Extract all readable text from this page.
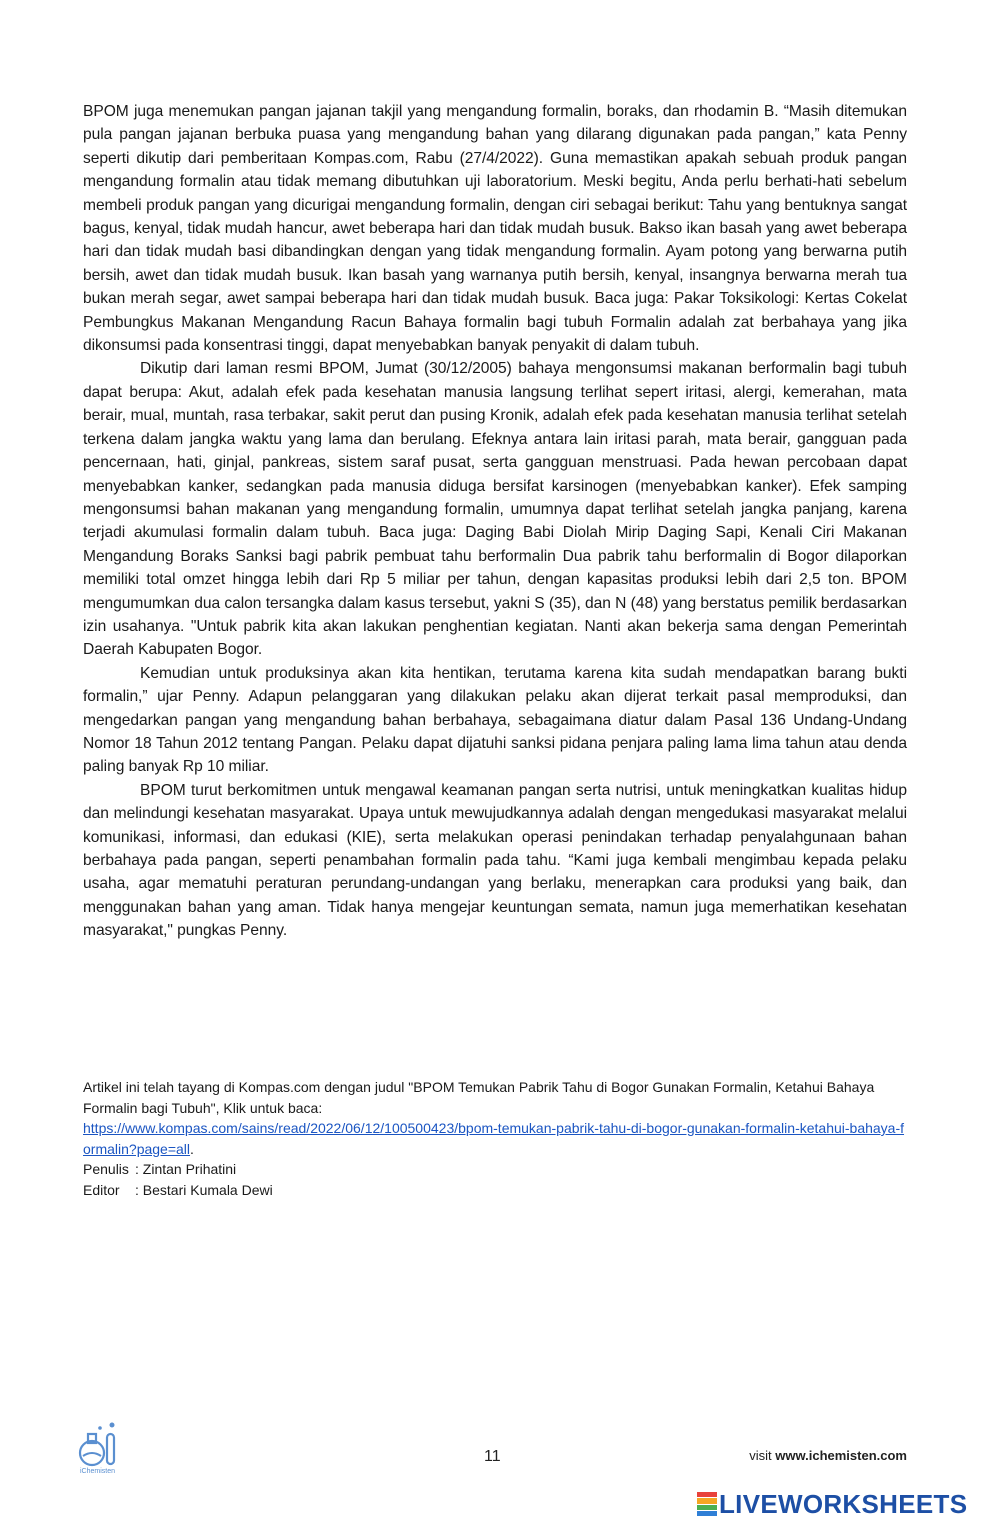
BPOM juga menemukan pangan jajanan takjil yang mengandung formalin, boraks, dan rhodamin B. “Masih ditemukan pula pangan jajanan berbuka puasa yang mengandung bahan yang dilarang digunakan pada pangan,” kata Penny seperti dikutip dari pemberitaan Kompas.com, Rabu (27/4/2022). Guna memastikan apakah sebuah produk pangan mengandung formalin atau tidak memang dibutuhkan uji laboratorium. Meski begitu, Anda perlu berhati-hati sebelum membeli produk pangan yang dicurigai mengandung formalin, dengan ciri sebagai berikut: Tahu yang bentuknya sangat bagus, kenyal, tidak mudah hancur, awet beberapa hari dan tidak mudah busuk. Bakso ikan basah yang awet beberapa hari dan tidak mudah basi dibandingkan dengan yang tidak mengandung formalin. Ayam potong yang berwarna putih bersih, awet dan tidak mudah busuk. Ikan basah yang warnanya putih bersih, kenyal, insangnya berwarna merah tua bukan merah segar, awet sampai beberapa hari dan tidak mudah busuk. Baca juga: Pakar Toksikologi: Kertas Cokelat Pembungkus Makanan Mengandung Racun Bahaya formalin bagi tubuh Formalin adalah zat berbahaya yang jika dikonsumsi pada konsentrasi tinggi, dapat menyebabkan banyak penyakit di dalam tubuh.

Dikutip dari laman resmi BPOM, Jumat (30/12/2005) bahaya mengonsumsi makanan berformalin bagi tubuh dapat berupa: Akut, adalah efek pada kesehatan manusia langsung terlihat sepert iritasi, alergi, kemerahan, mata berair, mual, muntah, rasa terbakar, sakit perut dan pusing Kronik, adalah efek pada kesehatan manusia terlihat setelah terkena dalam jangka waktu yang lama dan berulang. Efeknya antara lain iritasi parah, mata berair, gangguan pada pencernaan, hati, ginjal, pankreas, sistem saraf pusat, serta gangguan menstruasi. Pada hewan percobaan dapat menyebabkan kanker, sedangkan pada manusia diduga bersifat karsinogen (menyebabkan kanker). Efek samping mengonsumsi bahan makanan yang mengandung formalin, umumnya dapat terlihat setelah jangka panjang, karena terjadi akumulasi formalin dalam tubuh. Baca juga: Daging Babi Diolah Mirip Daging Sapi, Kenali Ciri Makanan Mengandung Boraks Sanksi bagi pabrik pembuat tahu berformalin Dua pabrik tahu berformalin di Bogor dilaporkan memiliki total omzet hingga lebih dari Rp 5 miliar per tahun, dengan kapasitas produksi lebih dari 2,5 ton. BPOM mengumumkan dua calon tersangka dalam kasus tersebut, yakni S (35), dan N (48) yang berstatus pemilik berdasarkan izin usahanya. "Untuk pabrik kita akan lakukan penghentian kegiatan. Nanti akan bekerja sama dengan Pemerintah Daerah Kabupaten Bogor.

Kemudian untuk produksinya akan kita hentikan, terutama karena kita sudah mendapatkan barang bukti formalin,” ujar Penny. Adapun pelanggaran yang dilakukan pelaku akan dijerat terkait pasal memproduksi, dan mengedarkan pangan yang mengandung bahan berbahaya, sebagaimana diatur dalam Pasal 136 Undang-Undang Nomor 18 Tahun 2012 tentang Pangan. Pelaku dapat dijatuhi sanksi pidana penjara paling lama lima tahun atau denda paling banyak Rp 10 miliar.

BPOM turut berkomitmen untuk mengawal keamanan pangan serta nutrisi, untuk meningkatkan kualitas hidup dan melindungi kesehatan masyarakat. Upaya untuk mewujudkannya adalah dengan mengedukasi masyarakat melalui komunikasi, informasi, dan edukasi (KIE), serta melakukan operasi penindakan terhadap penyalahgunaan bahan berbahaya pada pangan, seperti penambahan formalin pada tahu. “Kami juga kembali mengimbau kepada pelaku usaha, agar mematuhi peraturan perundang-undangan yang berlaku, menerapkan cara produksi yang baik, dan menggunakan bahan yang aman. Tidak hanya mengejar keuntungan semata, namun juga memerhatikan kesehatan masyarakat," pungkas Penny.

Artikel ini telah tayang di Kompas.com dengan judul "BPOM Temukan Pabrik Tahu di Bogor Gunakan Formalin, Ketahui Bahaya Formalin bagi Tubuh", Klik untuk baca:

https://www.kompas.com/sains/read/2022/06/12/100500423/bpom-temukan-pabrik-tahu-di-bogor-gunakan-formalin-ketahui-bahaya-formalin?page=all.

Penulis : Zintan Prihatini
Editor	: Bestari Kumala Dewi
iChemisten
11	visit www.ichemisten.com
LIVEWORKSHEETS
